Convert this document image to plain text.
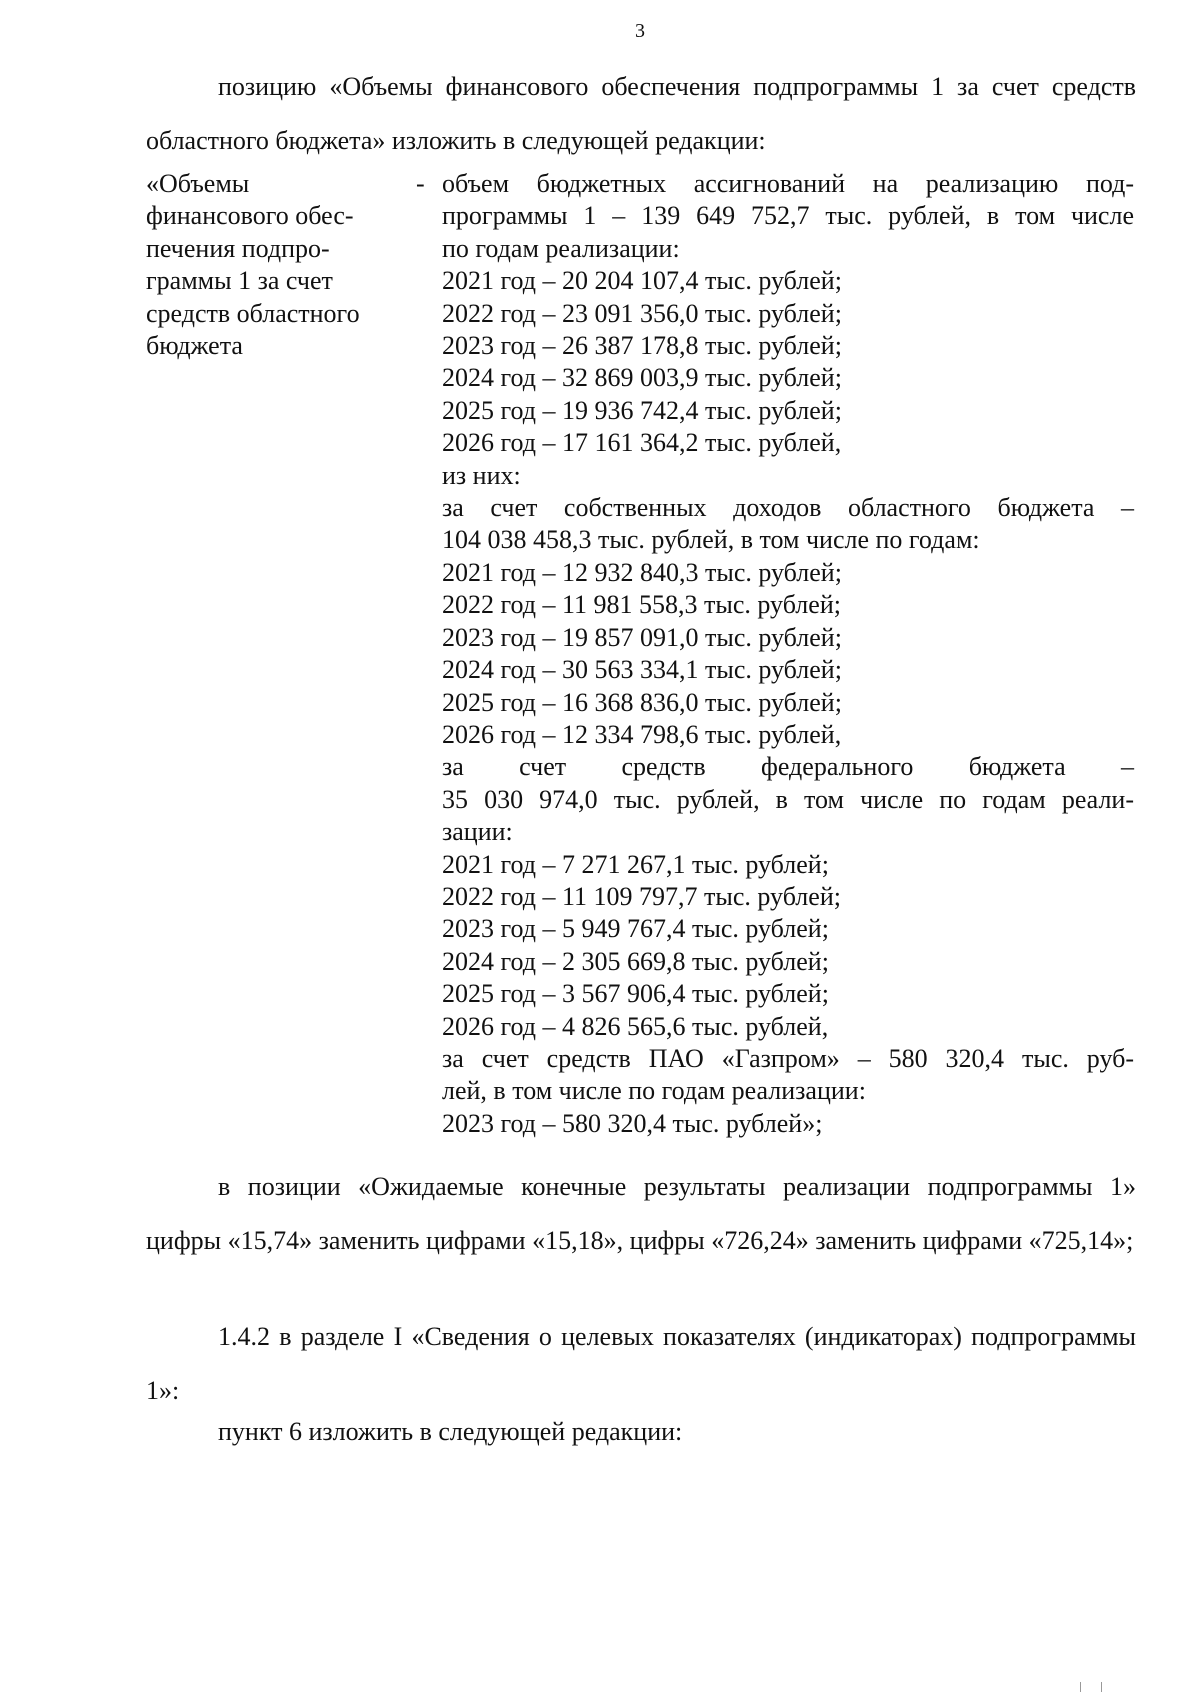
3

позицию «Объемы финансового обеспечения подпрограммы 1 за счет средств областного бюджета» изложить в следующей редакции:

«Объемы
финансового обес-
печения подпро-
граммы 1 за счет
средств областного
бюджета
- объем бюджетных ассигнований на реализацию под-
программы 1 – 139 649 752,7 тыс. рублей, в том числе
по годам реализации:
2021 год – 20 204 107,4 тыс. рублей;
2022 год – 23 091 356,0 тыс. рублей;
2023 год – 26 387 178,8 тыс. рублей;
2024 год – 32 869 003,9 тыс. рублей;
2025 год – 19 936 742,4 тыс. рублей;
2026 год – 17 161 364,2 тыс. рублей,
из них:
за счет собственных доходов областного бюджета –
104 038 458,3 тыс. рублей, в том числе по годам:
2021 год – 12 932 840,3 тыс. рублей;
2022 год – 11 981 558,3 тыс. рублей;
2023 год – 19 857 091,0 тыс. рублей;
2024 год – 30 563 334,1 тыс. рублей;
2025 год – 16 368 836,0 тыс. рублей;
2026 год – 12 334 798,6 тыс. рублей,
за счет средств федерального бюджета –
35 030 974,0 тыс. рублей, в том числе по годам реали-
зации:
2021 год – 7 271 267,1 тыс. рублей;
2022 год – 11 109 797,7 тыс. рублей;
2023 год – 5 949 767,4 тыс. рублей;
2024 год – 2 305 669,8 тыс. рублей;
2025 год – 3 567 906,4 тыс. рублей;
2026 год – 4 826 565,6 тыс. рублей,
за счет средств ПАО «Газпром» – 580 320,4 тыс. руб-
лей, в том числе по годам реализации:
2023 год – 580 320,4 тыс. рублей»;

в позиции «Ожидаемые конечные результаты реализации подпрограммы 1» цифры «15,74» заменить цифрами «15,18», цифры «726,24» заменить цифрами «725,14»;

1.4.2 в разделе I «Сведения о целевых показателях (индикаторах) подпрограммы 1»:

пункт 6 изложить в следующей редакции:
